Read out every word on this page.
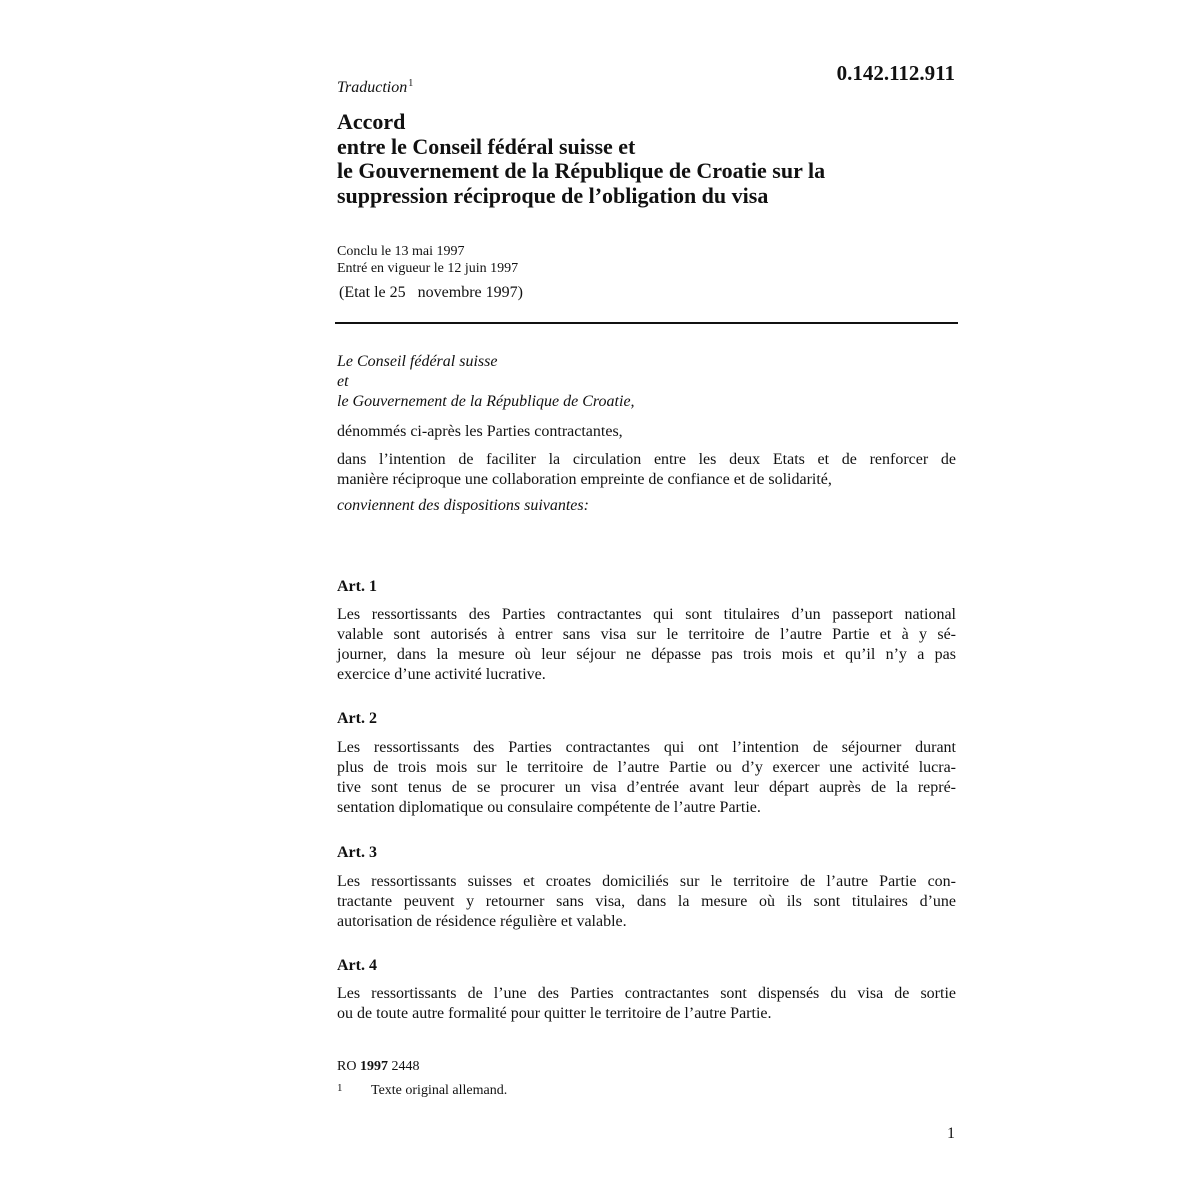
0.142.112.911
Traduction$^1$
Accord
entre le Conseil fédéral suisse et
le Gouvernement de la République de Croatie sur la
suppression réciproque de l’obligation du visa
Conclu le 13 mai 1997
Entré en vigueur le 12 juin 1997
(Etat le 25   novembre 1997)
Le Conseil fédéral suisse
et
le Gouvernement de la République de Croatie,
dénommés ci-après les Parties contractantes,
dans l’intention de faciliter la circulation entre les deux Etats et de renforcer de
manière réciproque une collaboration empreinte de confiance et de solidarité,
conviennent des dispositions suivantes:
Art. 1
Les ressortissants des Parties contractantes qui sont titulaires d’un passeport national
valable sont autorisés à entrer sans visa sur le territoire de l’autre Partie et à y sé-
journer, dans la mesure où leur séjour ne dépasse pas trois mois et qu’il n’y a pas
exercice d’une activité lucrative.
Art. 2
Les ressortissants des Parties contractantes qui ont l’intention de séjourner durant
plus de trois mois sur le territoire de l’autre Partie ou d’y exercer une activité lucra-
tive sont tenus de se procurer un visa d’entrée avant leur départ auprès de la repré-
sentation diplomatique ou consulaire compétente de l’autre Partie.
Art. 3
Les ressortissants suisses et croates domiciliés sur le territoire de l’autre Partie con-
tractante peuvent y retourner sans visa, dans la mesure où ils sont titulaires d’une
autorisation de résidence régulière et valable.
Art. 4
Les ressortissants de l’une des Parties contractantes sont dispensés du visa de sortie
ou de toute autre formalité pour quitter le territoire de l’autre Partie.
RO 1997 2448
1 Texte original allemand.
1
